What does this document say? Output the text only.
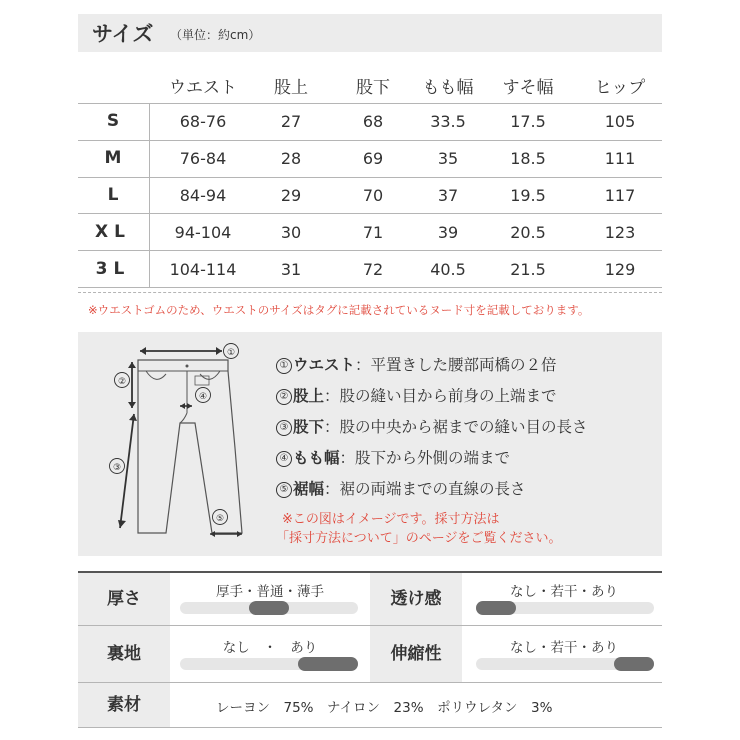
サイズ （単位：約cm）
ウエスト	股上	股下	もも幅	すそ幅	ヒップ
S	68-76	27	68	33.5	17.5	105
M	76-84	28	69	35	18.5	111
L	84-94	29	70	37	19.5	117
XL	94-104	30	71	39	20.5	123
3L	104-114	31	72	40.5	21.5	129
※ウエストゴムのため、ウエストのサイズはタグに記載されているヌード寸を記載しております。
①
②
③
④
⑤
① ウエスト：平置きした腰部両橋の２倍
② 股上：股の縫い目から前身の上端まで
③ 股下：股の中央から裾までの縫い目の長さ
④ もも幅：股下から外側の端まで
⑤ 裾幅：裾の両端までの直線の長さ
※この図はイメージです。採寸方法は
「採寸方法について」のページをご覧ください。
厚さ	厚手・普通・薄手	透け感	なし・若干・あり
裏地	なし　・　あり	伸縮性	なし・若干・あり
素材	レーヨン　75%　ナイロン　23%　ポリウレタン　3%
